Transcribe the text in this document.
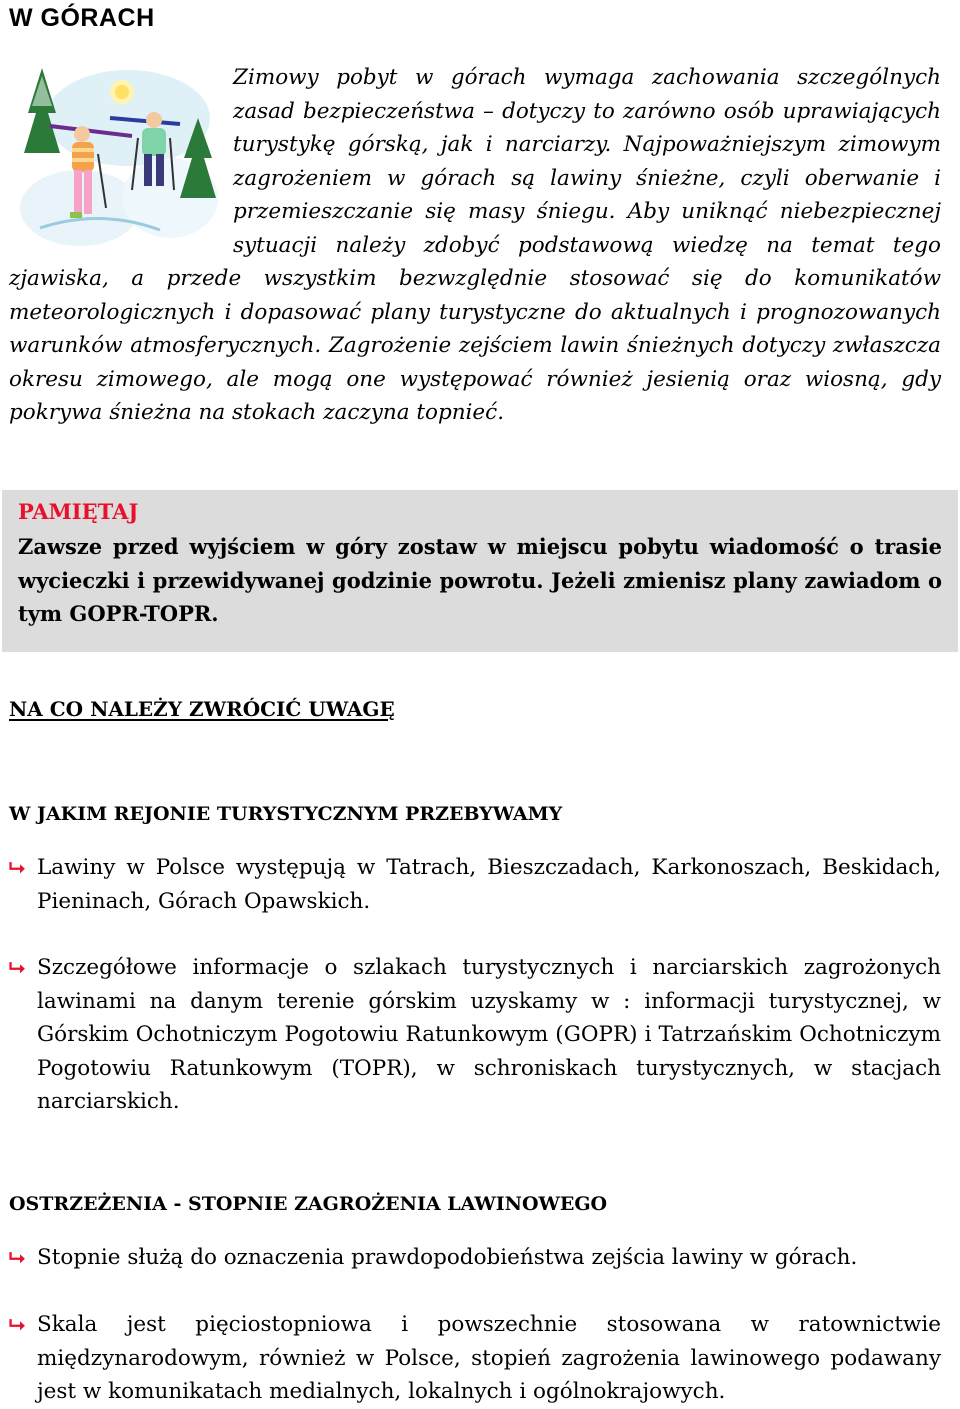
W GÓRACH

Zimowy pobyt w górach wymaga zachowania szczególnych zasad bezpieczeństwa – dotyczy to zarówno osób uprawiających turystykę górską, jak i narciarzy. Najpoważniejszym zimowym zagrożeniem w górach są lawiny śnieżne, czyli oberwanie i przemieszczanie się masy śniegu. Aby uniknąć niebezpiecznej sytuacji należy zdobyć podstawową wiedzę na temat tego zjawiska, a przede wszystkim bezwzględnie stosować się do komunikatów meteorologicznych i dopasować plany turystyczne do aktualnych i prognozowanych warunków atmosferycznych. Zagrożenie zejściem lawin śnieżnych dotyczy zwłaszcza okresu zimowego, ale mogą one występować również jesienią oraz wiosną, gdy pokrywa śnieżna na stokach zaczyna topnieć.

PAMIĘTAJ

Zawsze przed wyjściem w góry zostaw w miejscu pobytu wiadomość o trasie wycieczki i przewidywanej godzinie powrotu. Jeżeli zmienisz plany zawiadom o tym GOPR-TOPR.

NA CO NALEŻY ZWRÓCIĆ UWAGĘ
W JAKIM REJONIE TURYSTYCZNYM PRZEBYWAMY
⮡ Lawiny w Polsce występują w Tatrach, Bieszczadach, Karkonoszach, Beskidach, Pieninach, Górach Opawskich.
⮡ Szczegółowe informacje o szlakach turystycznych i narciarskich zagrożonych lawinami na danym terenie górskim uzyskamy w : informacji turystycznej, w Górskim Ochotniczym Pogotowiu Ratunkowym (GOPR) i Tatrzańskim Ochotniczym Pogotowiu Ratunkowym (TOPR), w schroniskach turystycznych, w stacjach narciarskich.
OSTRZEŻENIA - STOPNIE ZAGROŻENIA LAWINOWEGO
⮡ Stopnie służą do oznaczenia prawdopodobieństwa zejścia lawiny w górach.
⮡ Skala jest pięciostopniowa i powszechnie stosowana w ratownictwie międzynarodowym, również w Polsce, stopień zagrożenia lawinowego podawany jest w komunikatach medialnych, lokalnych i ogólnokrajowych.
